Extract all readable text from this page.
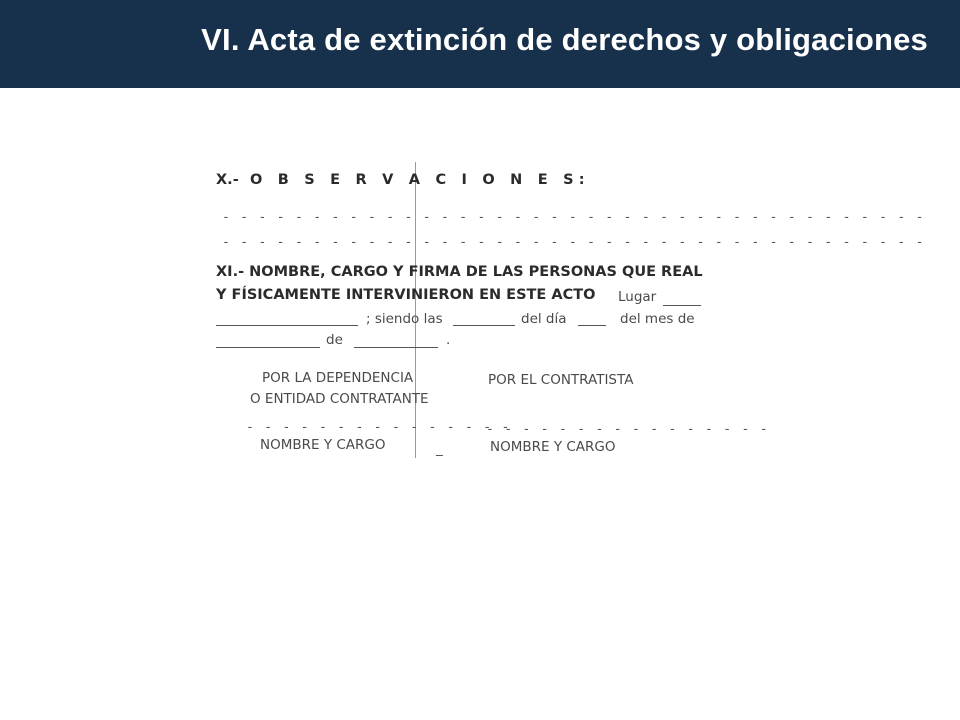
VI. Acta de extinción de derechos y obligaciones
X.- O B S E R V A C I O N E S:
- - - - - - - - - - - - - - - - - - - - - - - - - - - - - - - - - - - - - - -
- - - - - - - - - - - - - - - - - - - - - - - - - - - - - - - - - - - - - - -
XI.- NOMBRE, CARGO Y FIRMA DE LAS PERSONAS QUE REAL
Y FÍSICAMENTE INTERVINIERON EN ESTE ACTO Lugar
; siendo las	del día	del mes de
de	.
POR LA DEPENDENCIA
O ENTIDAD CONTRATANTE
POR EL CONTRATISTA
- - - - - - - - - - - - - - -
- - - - - - - - - - - - - - - -
NOMBRE Y CARGO	_	NOMBRE Y CARGO
